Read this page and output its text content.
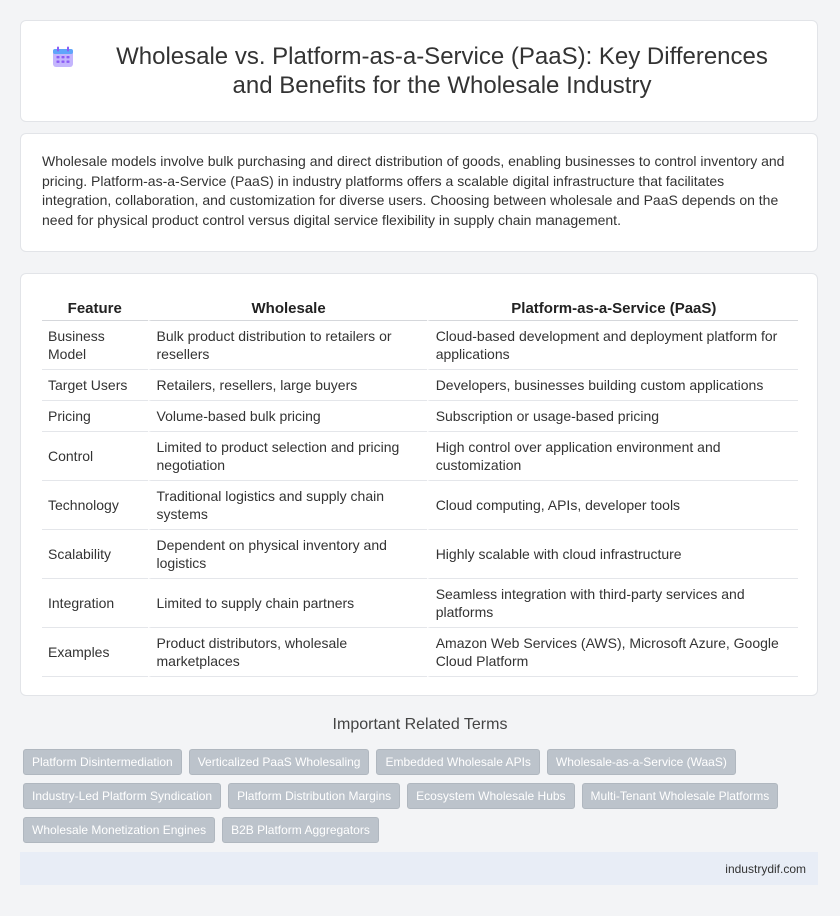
Wholesale vs. Platform-as-a-Service (PaaS): Key Differences and Benefits for the Wholesale Industry

Wholesale models involve bulk purchasing and direct distribution of goods, enabling businesses to control inventory and pricing. Platform-as-a-Service (PaaS) in industry platforms offers a scalable digital infrastructure that facilitates integration, collaboration, and customization for diverse users. Choosing between wholesale and PaaS depends on the need for physical product control versus digital service flexibility in supply chain management.

Feature	Wholesale	Platform-as-a-Service (PaaS)
Business Model	Bulk product distribution to retailers or resellers	Cloud-based development and deployment platform for applications
Target Users	Retailers, resellers, large buyers	Developers, businesses building custom applications
Pricing	Volume-based bulk pricing	Subscription or usage-based pricing
Control	Limited to product selection and pricing negotiation	High control over application environment and customization
Technology	Traditional logistics and supply chain systems	Cloud computing, APIs, developer tools
Scalability	Dependent on physical inventory and logistics	Highly scalable with cloud infrastructure
Integration	Limited to supply chain partners	Seamless integration with third-party services and platforms
Examples	Product distributors, wholesale marketplaces	Amazon Web Services (AWS), Microsoft Azure, Google Cloud Platform
Important Related Terms
Platform Disintermediation Verticalized PaaS Wholesaling Embedded Wholesale APIs Wholesale-as-a-Service (WaaS)Industry-Led Platform Syndication Platform Distribution Margins Ecosystem Wholesale Hubs Multi-Tenant Wholesale PlatformsWholesale Monetization Engines B2B Platform Aggregators
industrydif.com
